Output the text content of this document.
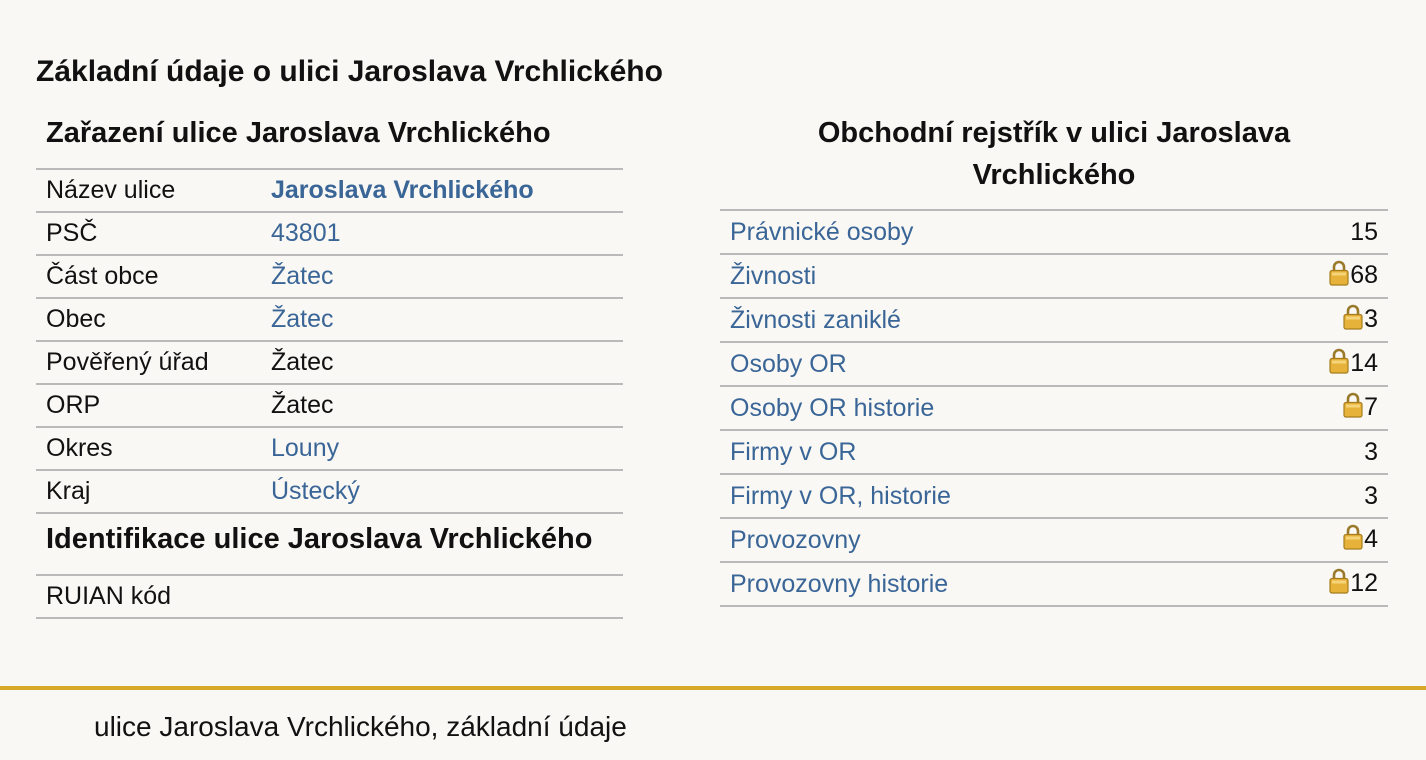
Základní údaje o ulici Jaroslava Vrchlického
Zařazení ulice Jaroslava Vrchlického
Název ulice	Jaroslava Vrchlického
PSČ	43801
Část obce	Žatec
Obec	Žatec
Pověřený úřad	Žatec
ORP	Žatec
Okres	Louny
Kraj	Ústecký
Identifikace ulice Jaroslava Vrchlického
RUIAN kód	
Obchodní rejstřík v ulici Jaroslava
Vrchlického
Právnické osoby	15
Živnosti	68
Živnosti zaniklé	3
Osoby OR	14
Osoby OR historie	7
Firmy v OR	3
Firmy v OR, historie	3
Provozovny	4
Provozovny historie	12
ulice Jaroslava Vrchlického, základní údaje
